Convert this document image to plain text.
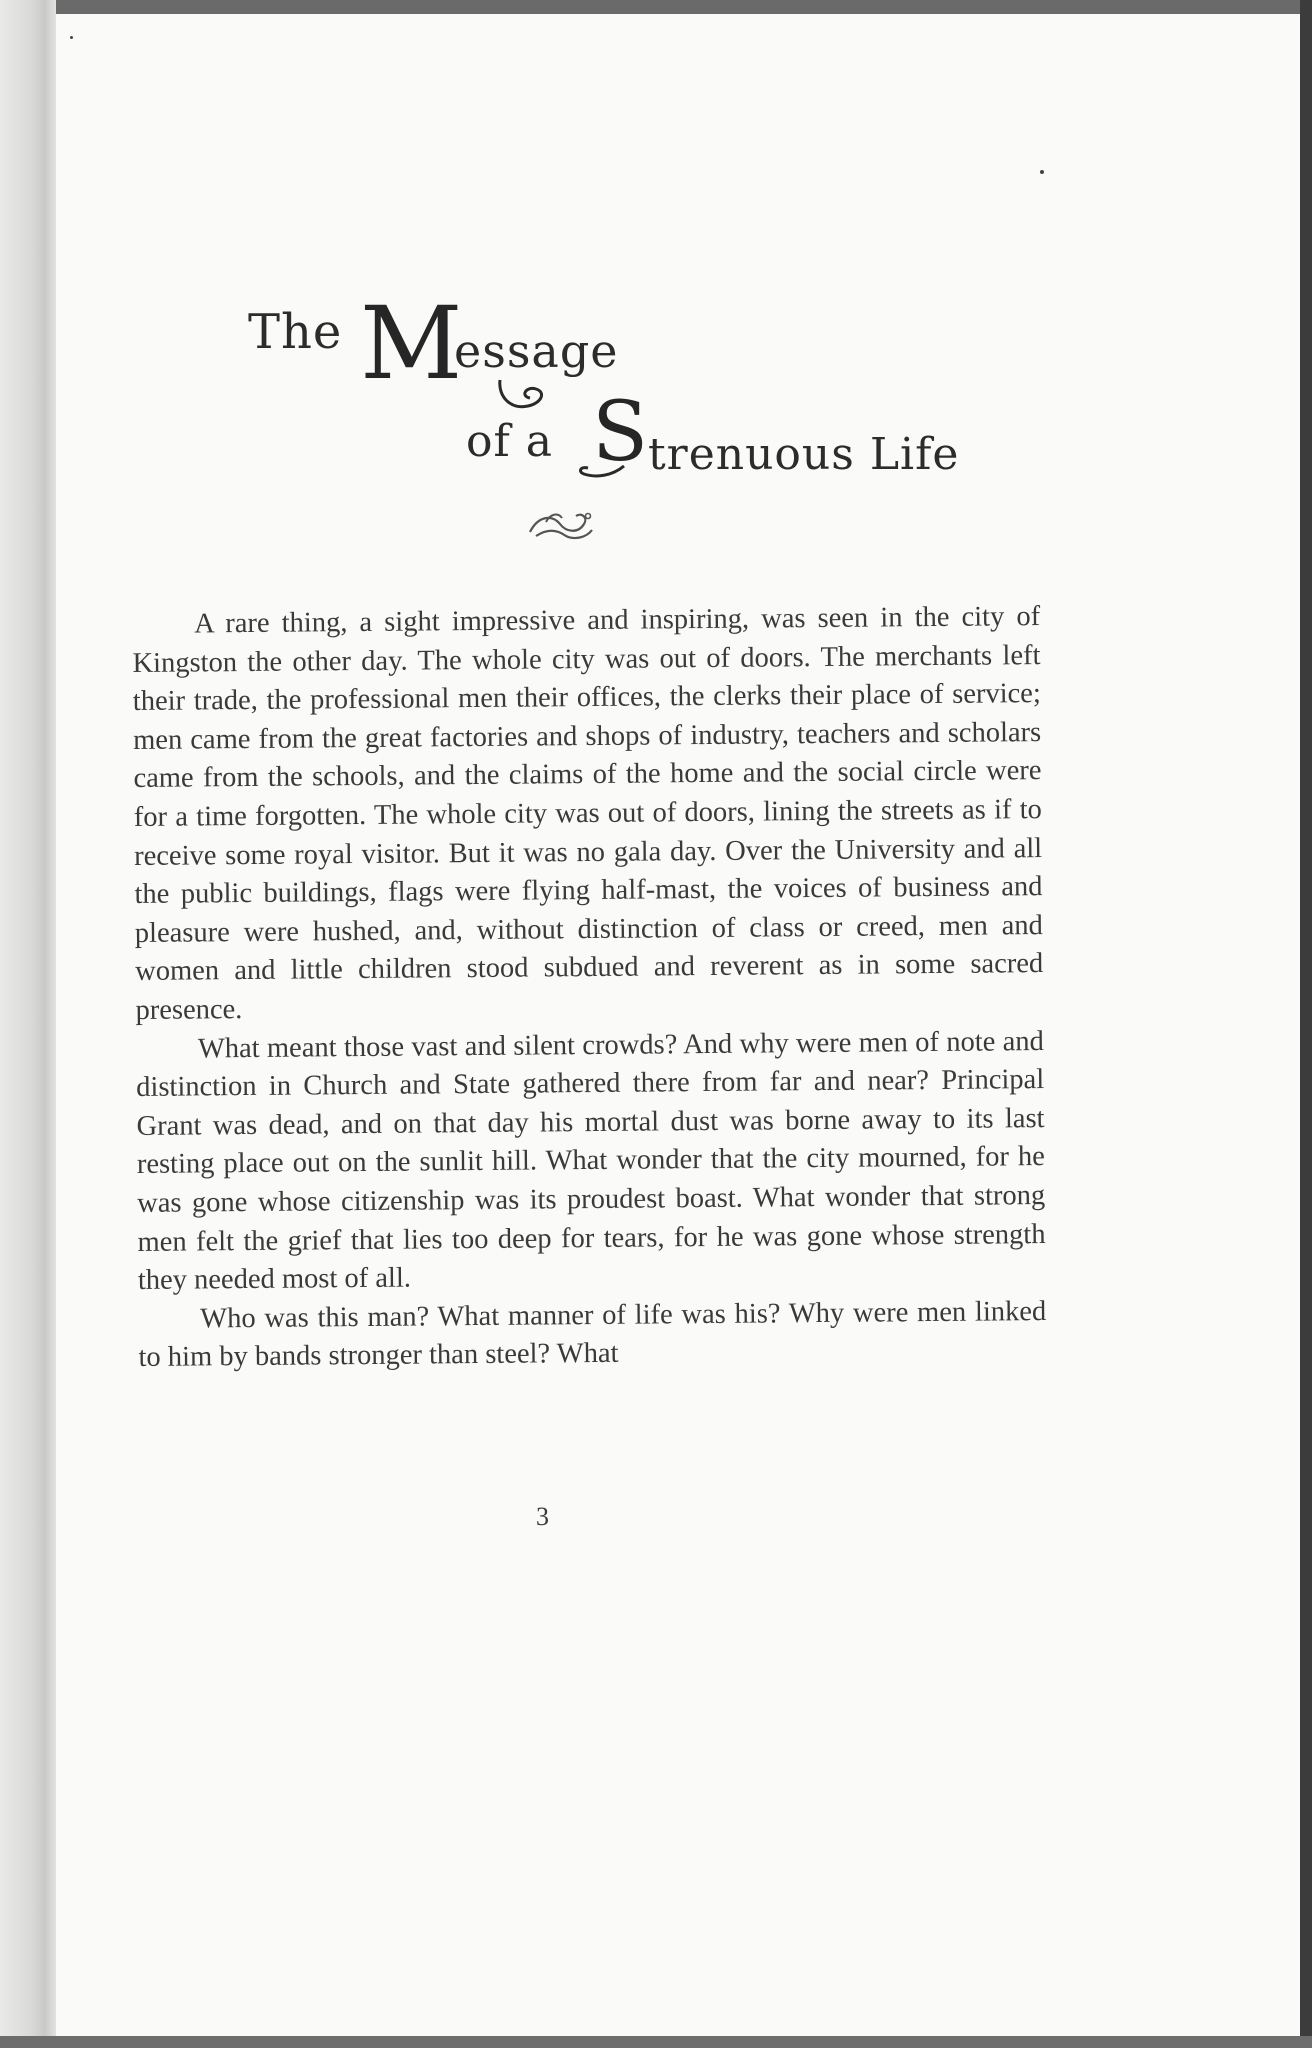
The M
essage
of a S trenuous Life

A rare thing, a sight impressive and inspiring, was seen in the city of Kingston the other day. The whole city was out of doors. The merchants left their trade, the professional men their offices, the clerks their place of service; men came from the great factories and shops of industry, teachers and scholars came from the schools, and the claims of the home and the social circle were for a time forgotten. The whole city was out of doors, lining the streets as if to receive some royal visitor. But it was no gala day. Over the University and all the public buildings, flags were flying half-mast, the voices of business and pleasure were hushed, and, without distinction of class or creed, men and women and little children stood subdued and reverent as in some sacred presence.

What meant those vast and silent crowds? And why were men of note and distinction in Church and State gathered there from far and near? Principal Grant was dead, and on that day his mortal dust was borne away to its last resting place out on the sunlit hill. What wonder that the city mourned, for he was gone whose citizenship was its proudest boast. What wonder that strong men felt the grief that lies too deep for tears, for he was gone whose strength they needed most of all.

Who was this man? What manner of life was his? Why were men linked to him by bands stronger than steel? What

3
